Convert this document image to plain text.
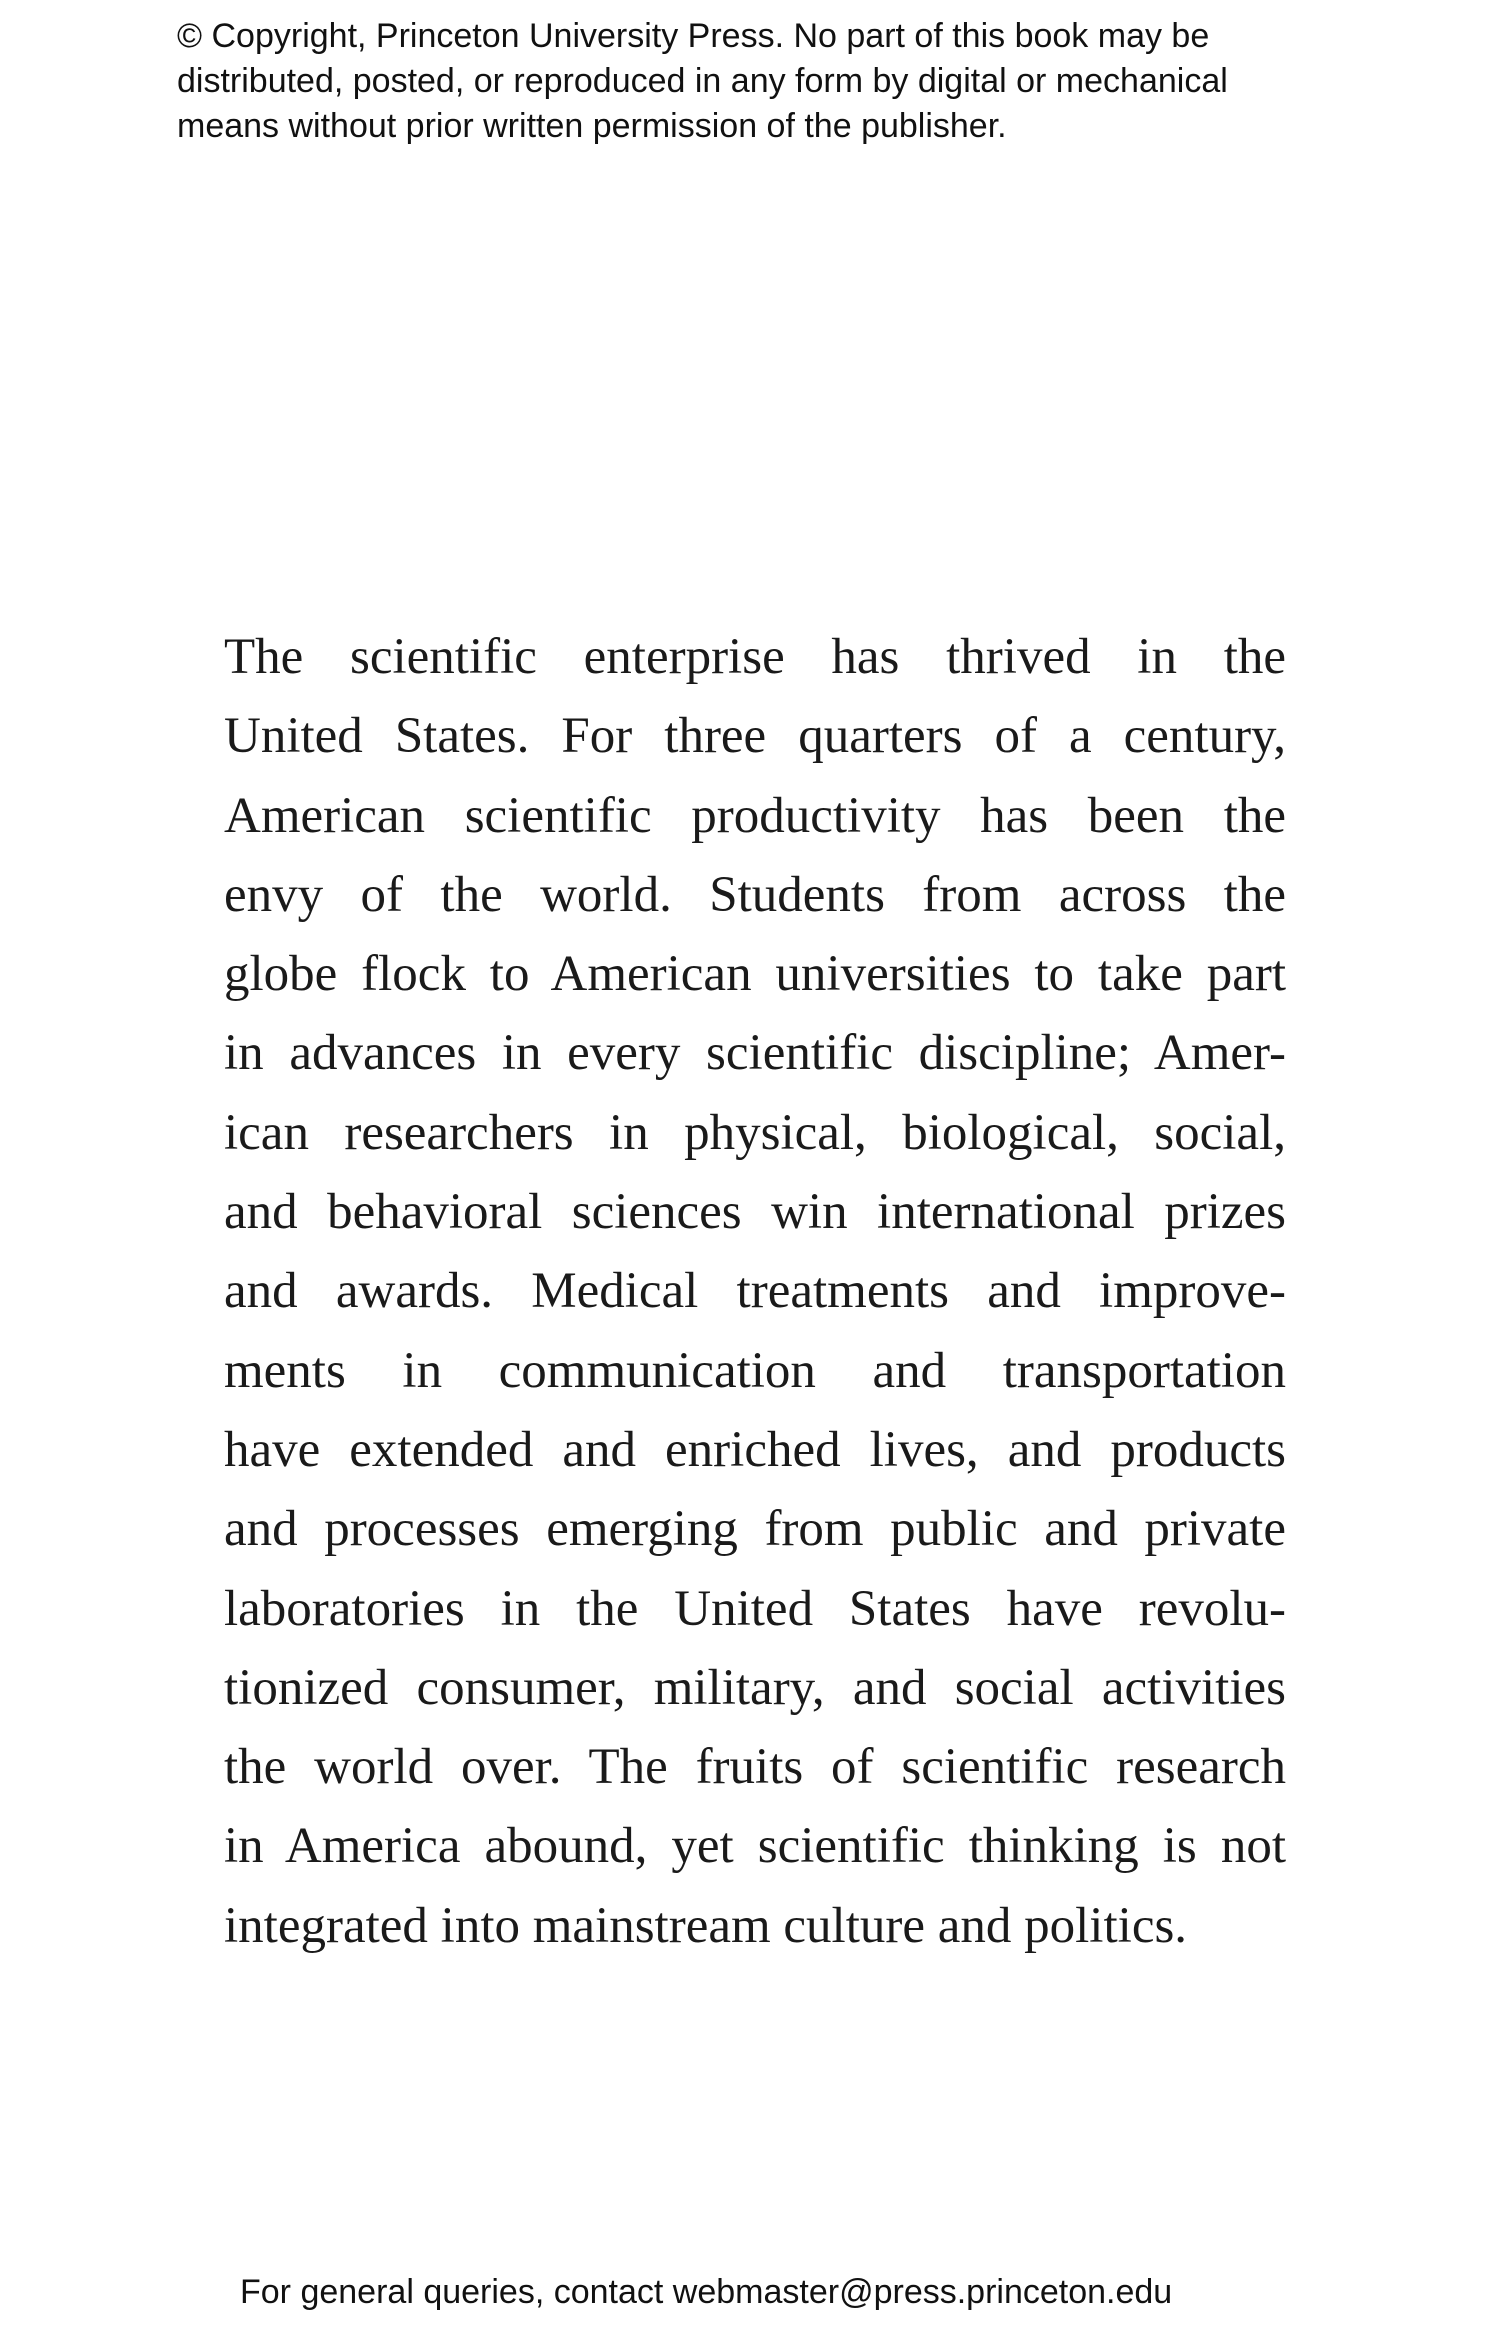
© Copyright, Princeton University Press. No part of this book may be
distributed, posted, or reproduced in any form by digital or mechanical
means without prior written permission of the publisher.
The scientific enterprise has thrived in the
United States. For three quarters of a century,
American scientific productivity has been the
envy of the world. Students from across the
globe flock to American universities to take part
in advances in every scientific discipline; Amer-
ican researchers in physical, biological, social,
and behavioral sciences win international prizes
and awards. Medical treatments and improve-
ments in communication and transportation
have extended and enriched lives, and products
and processes emerging from public and private
laboratories in the United States have revolu-
tionized consumer, military, and social activities
the world over. The fruits of scientific research
in America abound, yet scientific thinking is not
integrated into mainstream culture and politics.
For general queries, contact webmaster@press.princeton.edu
